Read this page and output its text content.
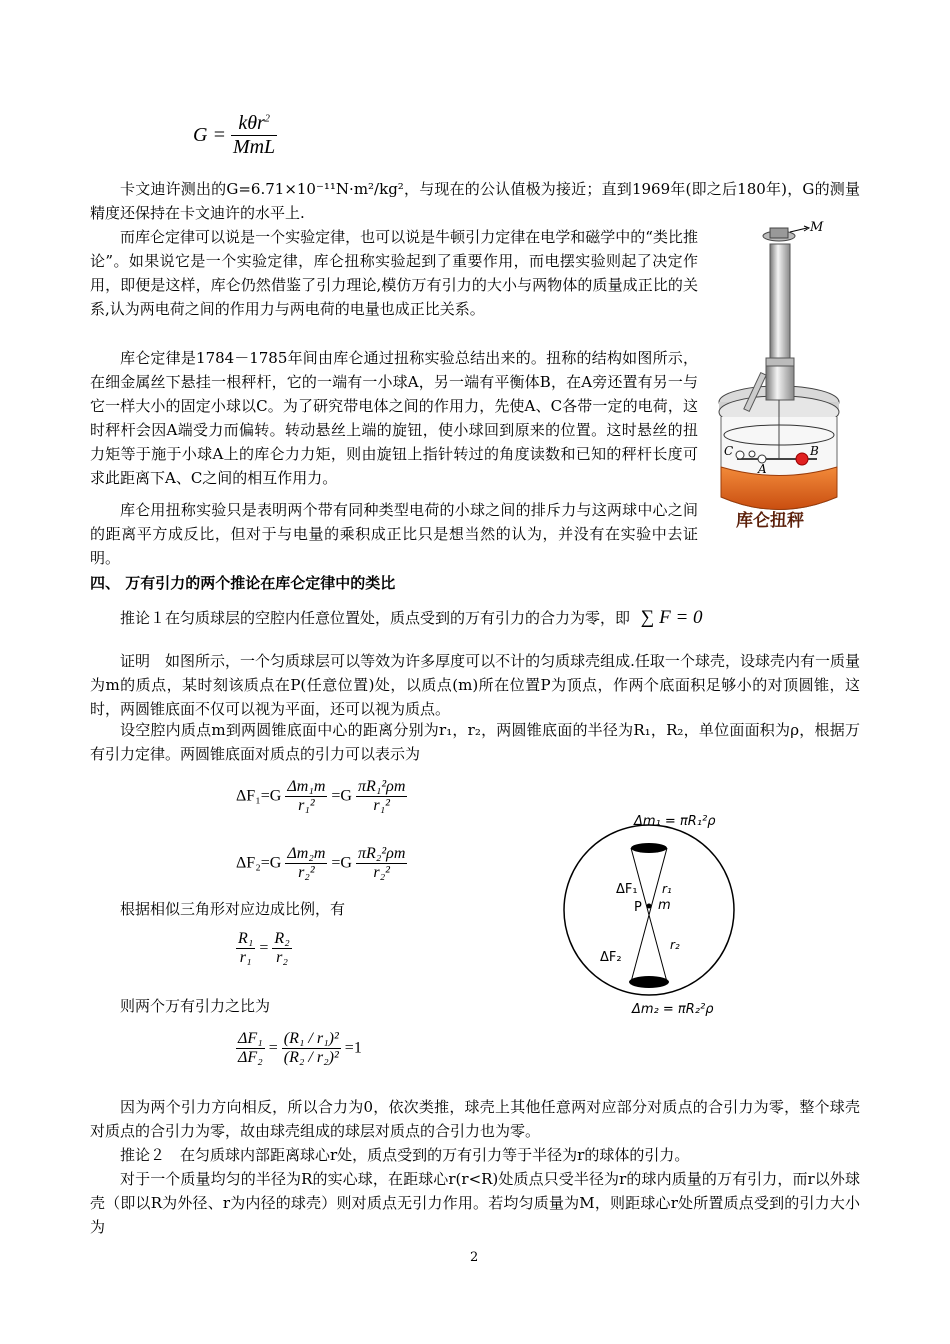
$G = \frac{k\theta r^2}{\text{MmL}}$

卡文迪许测出的G=6.71×10⁻¹¹N·m²/kg²，与现在的公认值极为接近；直到1969年(即之后180年)，G的测量精度还保持在卡文迪许的水平上.

而库仑定律可以说是一个实验定律，也可以说是牛顿引力定律在电学和磁学中的“类比推论”。如果说它是一个实验定律，库仑扭称实验起到了重要作用，而电摆实验则起了决定作用，即便是这样，库仑仍然借鉴了引力理论,模仿万有引力的大小与两物体的质量成正比的关系,认为两电荷之间的作用力与两电荷的电量也成正比关系。

库仑定律是1784－1785年间由库仑通过扭称实验总结出来的。扭称的结构如图所示，在细金属丝下悬挂一根秤杆，它的一端有一小球A，另一端有平衡体B，在A旁还置有另一与它一样大小的固定小球以C。为了研究带电体之间的作用力，先使A、C各带一定的电荷，这时秤杆会因A端受力而偏转。转动悬丝上端的旋钮，使小球回到原来的位置。这时悬丝的扭力矩等于施于小球A上的库仑力力矩，则由旋钮上指针转过的角度读数和已知的秤杆长度可求此距离下A、C之间的相互作用力。

库仑用扭称实验只是表明两个带有同种类型电荷的小球之间的排斥力与这两球中心之间的距离平方成反比，但对于与电量的乘积成正比只是想当然的认为，并没有在实验中去证明。

M
C
A
B
库仑扭秤

四、 万有引力的两个推论在库仑定律中的类比

推论１在匀质球层的空腔内任意位置处，质点受到的万有引力的合力为零，即 ∑ F = 0

证明　如图所示，一个匀质球层可以等效为许多厚度可以不计的匀质球壳组成.任取一个球壳，设球壳内有一质量为m的质点，某时刻该质点在P(任意位置)处，以质点(m)所在位置P为顶点，作两个底面积足够小的对顶圆锥，这时，两圆锥底面不仅可以视为平面，还可以视为质点。

设空腔内质点m到两圆锥底面中心的距离分别为r₁，r₂，两圆锥底面的半径为R₁，R₂，单位面面积为ρ，根据万有引力定律。两圆锥底面对质点的引力可以表示为

$\Delta F_1=G \frac{\text{Δm₁m}}{\text{r₁²}} =G \frac{\text{πR₁²ρm}}{\text{r₁²}}$
$\Delta F_2=G \frac{\text{Δm₂m}}{\text{r₂²}} =G \frac{\text{πR₂²ρm}}{\text{r₂²}}$

根据相似三角形对应边成比例，有

$\frac{\text{R₁}}{\text{r₁}} = \frac{\text{R₂}}{\text{r₂}}$

则两个万有引力之比为

$\frac{\text{ΔF₁}}{\text{ΔF₂}} = \frac{\text{(R₁ / r₁)²}}{\text{(R₂ / r₂)²}} =1$
Δm₁ = πR₁²ρ
Δm₂ = πR₂²ρ
ΔF₁ r₁
P m
ΔF₂
r₂

因为两个引力方向相反，所以合力为0，依次类推，球壳上其他任意两对应部分对质点的合引力为零，整个球壳对质点的合引力为零，故由球壳组成的球层对质点的合引力也为零。

推论２　在匀质球内部距离球心r处，质点受到的万有引力等于半径为r的球体的引力。

对于一个质量均匀的半径为R的实心球，在距球心r(r<R)处质点只受半径为r的球内质量的万有引力，而r以外球壳（即以R为外径、r为内径的球壳）则对质点无引力作用。若均匀质量为M，则距球心r处所置质点受到的引力大小为

2
